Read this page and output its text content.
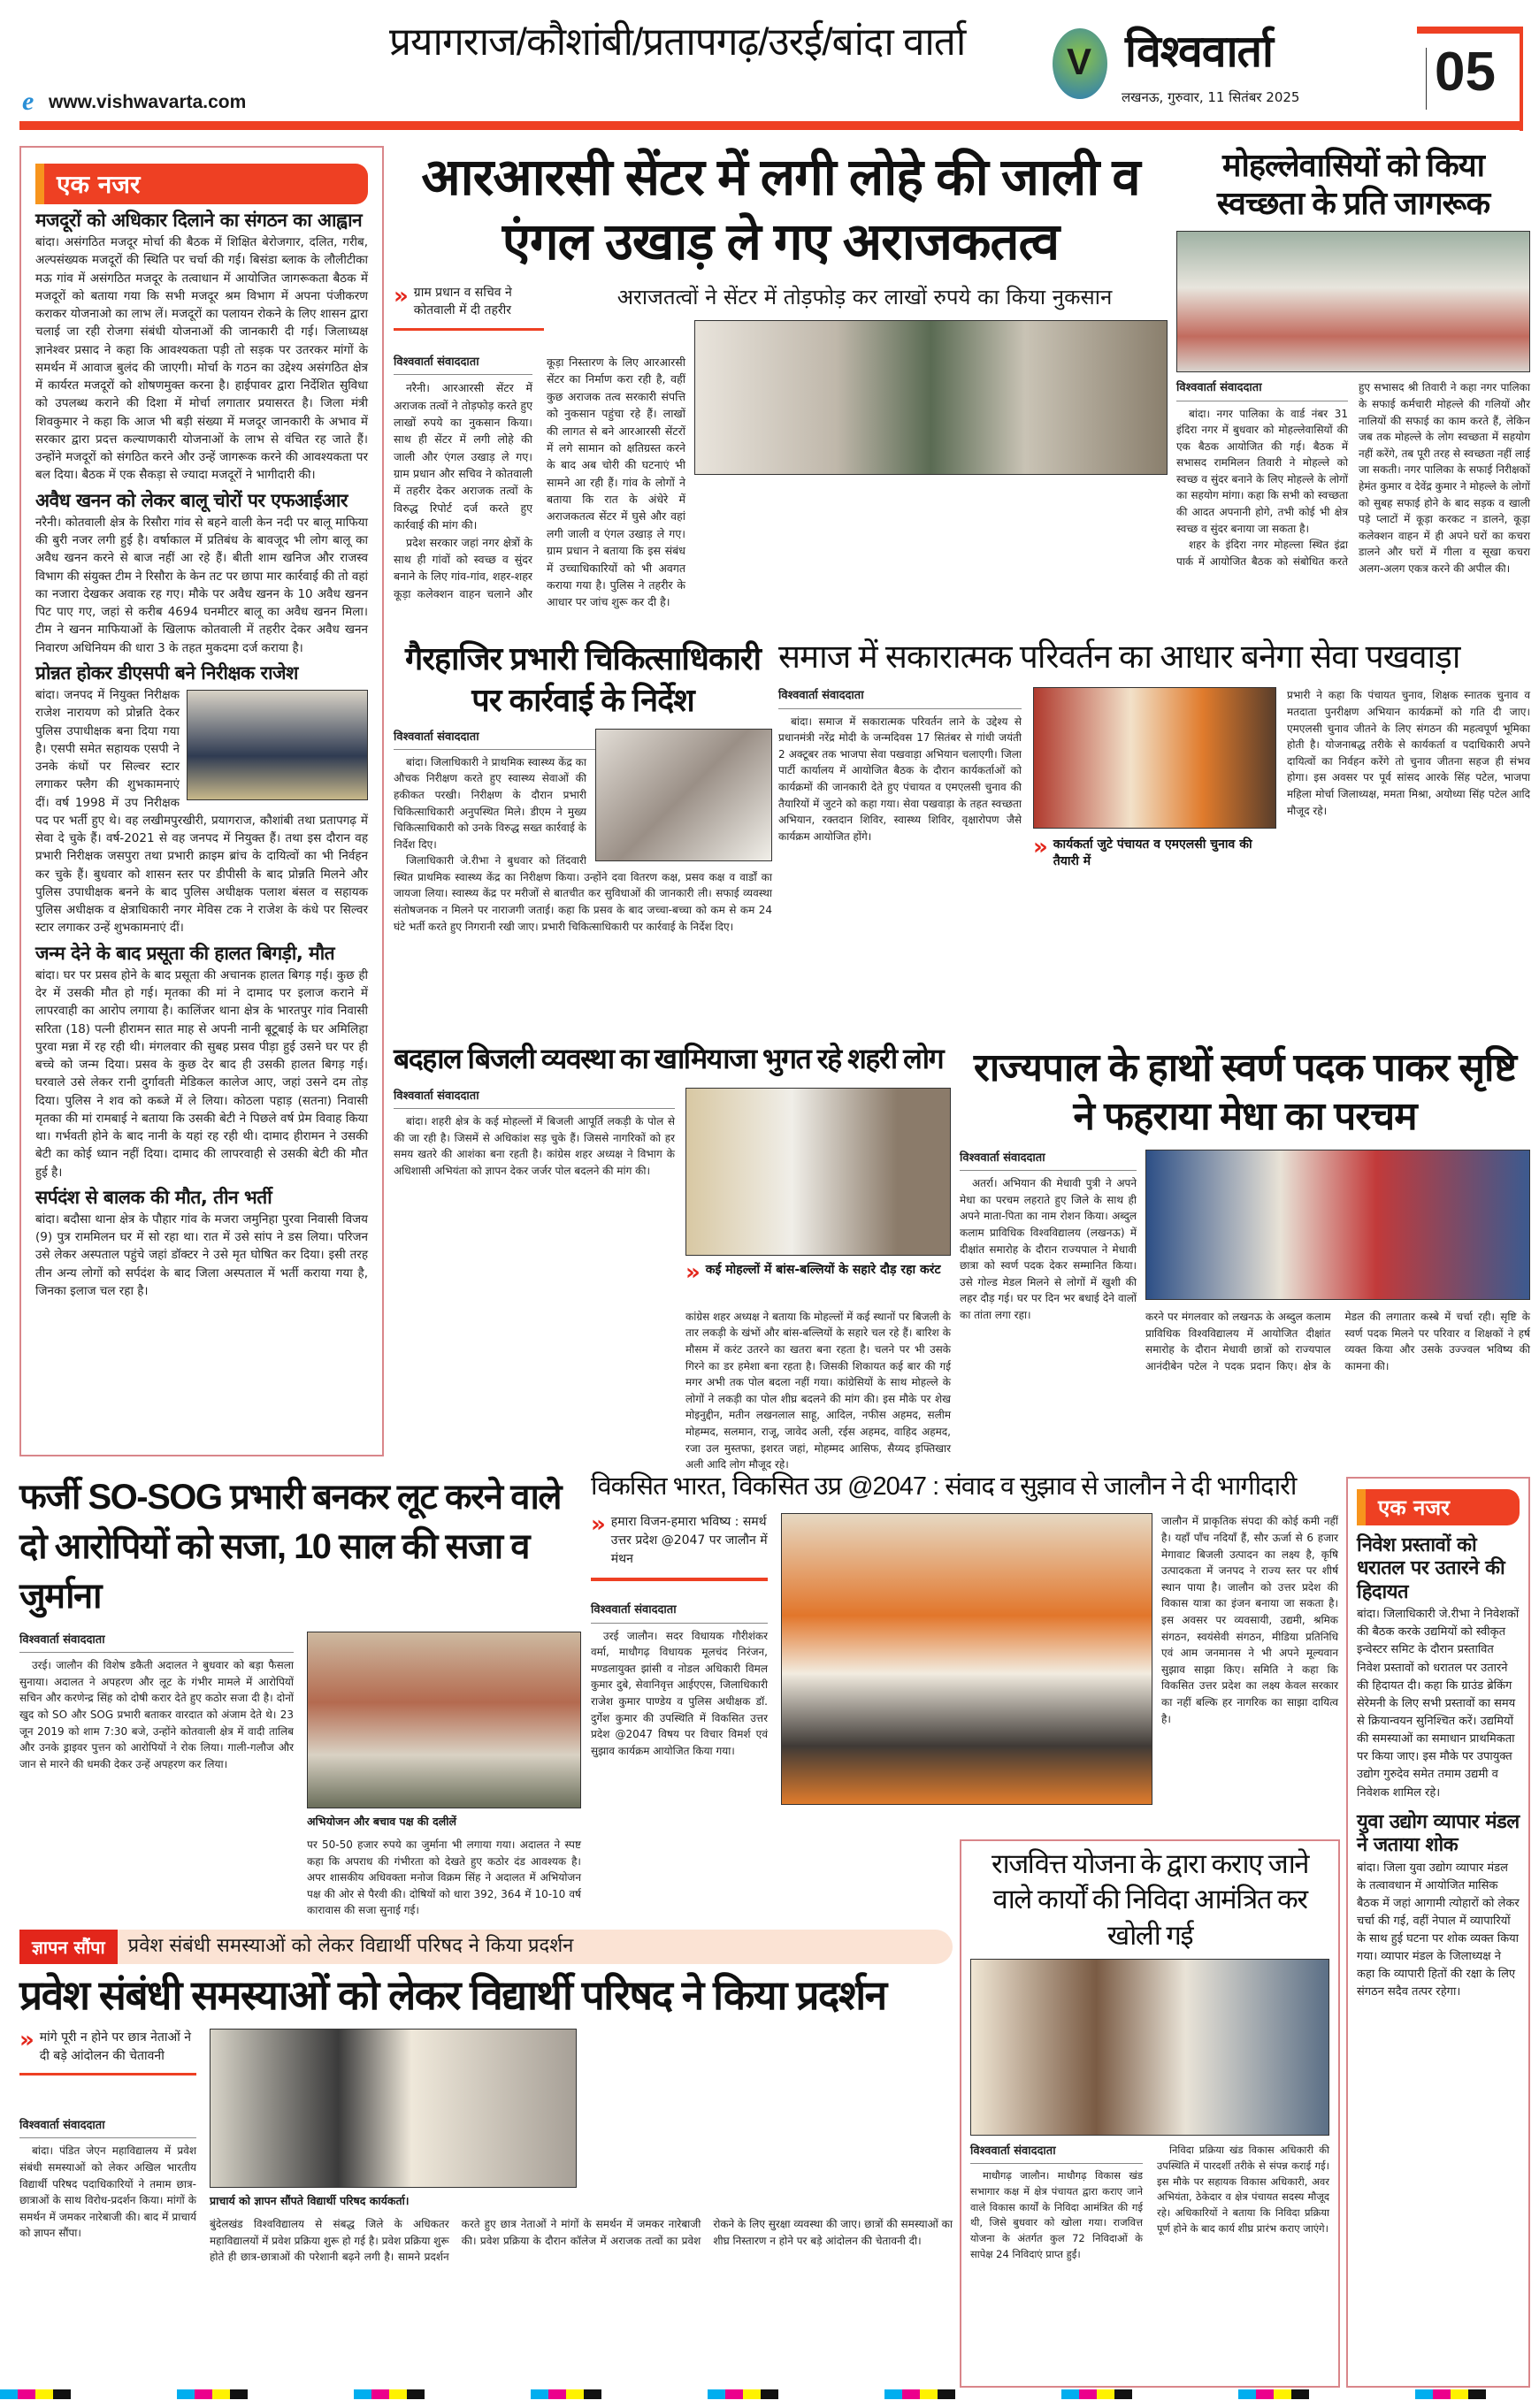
प्रयागराज/कौशांबी/प्रतापगढ़/उरई/बांदा वार्ता	V विश्ववार्ता
लखनऊ, गुरुवार, 11 सितंबर 2025 05
e www.vishwavarta.com
एक नजर
मजदूरों को अधिकार दिलाने का संगठन का आह्वान
बांदा। असंगठित मजदूर मोर्चा की बैठक में शिक्षित बेरोजगार, दलित, गरीब, अल्पसंख्यक मजदूरों की स्थिति पर चर्चा की गई। बिसंडा ब्लाक के लौलीटीका मऊ गांव में असंगठित मजदूर के तत्वाधान में आयोजित जागरूकता बैठक में मजदूरों को बताया गया कि सभी मजदूर श्रम विभाग में अपना पंजीकरण कराकर योजनाओ का लाभ लें। मजदूरों का पलायन रोकने के लिए शासन द्वारा चलाई जा रही रोजगा संबंधी योजनाओं की जानकारी दी गई। जिलाध्यक्ष ज्ञानेश्वर प्रसाद ने कहा कि आवश्यकता पड़ी तो सड़क पर उतरकर मांगों के समर्थन में आवाज बुलंद की जाएगी। मोर्चा के गठन का उद्देश्य असंगठित क्षेत्र में कार्यरत मजदूरों को शोषणमुक्त करना है। हाईपावर द्वारा निर्देशित सुविधा को उपलब्ध कराने की दिशा में मोर्चा लगातार प्रयासरत है। जिला मंत्री शिवकुमार ने कहा कि आज भी बड़ी संख्या में मजदूर जानकारी के अभाव में सरकार द्वारा प्रदत्त कल्याणकारी योजनाओं के लाभ से वंचित रह जाते हैं। उन्होंने मजदूरों को संगठित करने और उन्हें जागरूक करने की आवश्यकता पर बल दिया। बैठक में एक सैकड़ा से ज्यादा मजदूरों ने भागीदारी की।
अवैध खनन को लेकर बालू चोरों पर एफआईआर
नरैनी। कोतवाली क्षेत्र के रिसौरा गांव से बहने वाली केन नदी पर बालू माफिया की बुरी नजर लगी हुई है। वर्षाकाल में प्रतिबंध के बावजूद भी लोग बालू का अवैध खनन करने से बाज नहीं आ रहे हैं। बीती शाम खनिज और राजस्व विभाग की संयुक्त टीम ने रिसौरा के केन तट पर छापा मार कार्रवाई की तो वहां का नजारा देखकर अवाक रह गए। मौके पर अवैध खनन के 10 अवैध खनन पिट पाए गए, जहां से करीब 4694 घनमीटर बालू का अवैध खनन मिला। टीम ने खनन माफियाओं के खिलाफ कोतवाली में तहरीर देकर अवैध खनन निवारण अधिनियम की धारा 3 के तहत मुकदमा दर्ज कराया है।
प्रोन्नत होकर डीएसपी बने निरीक्षक राजेश
बांदा। जनपद में नियुक्त निरीक्षक राजेश नारायण को प्रोन्नति देकर पुलिस उपाधीक्षक बना दिया गया है। एसपी समेत सहायक एसपी ने उनके कंधों पर सिल्वर स्टार लगाकर फ्लैग की शुभकामनाएं दीं। वर्ष 1998 में उप निरीक्षक पद पर भर्ती हुए थे। वह लखीमपुरखीरी, प्रयागराज, कौशांबी तथा प्रतापगढ़ में सेवा दे चुके हैं। वर्ष-2021 से वह जनपद में नियुक्त हैं। तथा इस दौरान वह प्रभारी निरीक्षक जसपुरा तथा प्रभारी क्राइम ब्रांच के दायित्वों का भी निर्वहन कर चुके हैं। बुधवार को शासन स्तर पर डीपीसी के बाद प्रोन्नति मिलने और पुलिस उपाधीक्षक बनने के बाद पुलिस अधीक्षक पलाश बंसल व सहायक पुलिस अधीक्षक व क्षेत्राधिकारी नगर मेविस टक ने राजेश के कंधे पर सिल्वर स्टार लगाकर उन्हें शुभकामनाएं दीं।
जन्म देने के बाद प्रसूता की हालत बिगड़ी, मौत
बांदा। घर पर प्रसव होने के बाद प्रसूता की अचानक हालत बिगड़ गई। कुछ ही देर में उसकी मौत हो गई। मृतका की मां ने दामाद पर इलाज कराने में लापरवाही का आरोप लगाया है। कालिंजर थाना क्षेत्र के भारतपुर गांव निवासी सरिता (18) पत्नी हीरामन सात माह से अपनी नानी बूटूबाई के घर अमिलिहा पुरवा मन्ना में रह रही थी। मंगलवार की सुबह प्रसव पीड़ा हुई उसने घर पर ही बच्चे को जन्म दिया। प्रसव के कुछ देर बाद ही उसकी हालत बिगड़ गई। घरवाले उसे लेकर रानी दुर्गावती मेडिकल कालेज आए, जहां उसने दम तोड़ दिया। पुलिस ने शव को कब्जे में ले लिया। कोठला पहाड़ (सतना) निवासी मृतका की मां रामबाई ने बताया कि उसकी बेटी ने पिछले वर्ष प्रेम विवाह किया था। गर्भवती होने के बाद नानी के यहां रह रही थी। दामाद हीरामन ने उसकी बेटी का कोई ध्यान नहीं दिया। दामाद की लापरवाही से उसकी बेटी की मौत हुई है।
सर्पदंश से बालक की मौत, तीन भर्ती
बांदा। बदौसा थाना क्षेत्र के पौहार गांव के मजरा जमुनिहा पुरवा निवासी विजय (9) पुत्र राममिलन घर में सो रहा था। रात में उसे सांप ने डस लिया। परिजन उसे लेकर अस्पताल पहुंचे जहां डॉक्टर ने उसे मृत घोषित कर दिया। इसी तरह तीन अन्य लोगों को सर्पदंश के बाद जिला अस्पताल में भर्ती कराया गया है, जिनका इलाज चल रहा है।
आरआरसी सेंटर में लगी लोहे की जाली व एंगल उखाड़ ले गए अराजकतत्व
» ग्राम प्रधान व सचिव ने कोतवाली में दी तहरीर
अराजतत्वों ने सेंटर में तोड़फोड़ कर लाखों रुपये का किया नुकसान
विश्ववार्ता संवाददाता

नरैनी। आरआरसी सेंटर में अराजक तत्वों ने तोड़फोड़ करते हुए लाखों रुपये का नुकसान किया। साथ ही सेंटर में लगी लोहे की जाली और एंगल उखाड़ ले गए। ग्राम प्रधान और सचिव ने कोतवाली में तहरीर देकर अराजक तत्वों के विरुद्ध रिपोर्ट दर्ज करते हुए कार्रवाई की मांग की।

प्रदेश सरकार जहां नगर क्षेत्रों के साथ ही गांवों को स्वच्छ व सुंदर बनाने के लिए गांव-गांव, शहर-शहर कूड़ा कलेक्शन वाहन चलाने और कूड़ा निस्तारण के लिए आरआरसी सेंटर का निर्माण करा रही है, वहीं कुछ अराजक तत्व सरकारी संपत्ति को नुकसान पहुंचा रहे हैं। लाखों की लागत से बने आरआरसी सेंटरों में लगे सामान को क्षतिग्रस्त करने के बाद अब चोरी की घटनाएं भी सामने आ रही हैं। गांव के लोगों ने बताया कि रात के अंधेरे में अराजकतत्व सेंटर में घुसे और वहां लगी जाली व एंगल उखाड़ ले गए। ग्राम प्रधान ने बताया कि इस संबंध में उच्चाधिकारियों को भी अवगत कराया गया है। पुलिस ने तहरीर के आधार पर जांच शुरू कर दी है।

मोहल्लेवासियों को किया स्वच्छता के प्रति जागरूक
विश्ववार्ता संवाददाता

बांदा। नगर पालिका के वार्ड नंबर 31 इंदिरा नगर में बुधवार को मोहल्लेवासियों की एक बैठक आयोजित की गई। बैठक में सभासद राममिलन तिवारी ने मोहल्ले को स्वच्छ व सुंदर बनाने के लिए मोहल्ले के लोगों का सहयोग मांगा। कहा कि सभी को स्वच्छता की आदत अपनानी होगे, तभी कोई भी क्षेत्र स्वच्छ व सुंदर बनाया जा सकता है।

शहर के इंदिरा नगर मोहल्ला स्थित इंद्रा पार्क में आयोजित बैठक को संबोधित करते हुए सभासद श्री तिवारी ने कहा नगर पालिका के सफाई कर्मचारी मोहल्ले की गलियों और नालियों की सफाई का काम करते हैं, लेकिन जब तक मोहल्ले के लोग स्वच्छता में सहयोग नहीं करेंगे, तब पूरी तरह से स्वच्छता नहीं लाई जा सकती। नगर पालिका के सफाई निरीक्षकों हेमंत कुमार व देवेंद्र कुमार ने मोहल्ले के लोगों को सुबह सफाई होने के बाद सड़क व खाली पड़े प्लाटों में कूड़ा करकट न डालने, कूड़ा कलेक्शन वाहन में ही अपने घरों का कचरा डालने और घरों में गीला व सूखा कचरा अलग-अलग एकत्र करने की अपील की।

गैरहाजिर प्रभारी चिकित्साधिकारी पर कार्रवाई के निर्देश
विश्ववार्ता संवाददाता

बांदा। जिलाधिकारी ने प्राथमिक स्वास्थ्य केंद्र का औचक निरीक्षण करते हुए स्वास्थ्य सेवाओं की हकीकत परखी। निरीक्षण के दौरान प्रभारी चिकित्साधिकारी अनुपस्थित मिले। डीएम ने मुख्य चिकित्साधिकारी को उनके विरुद्ध सख्त कार्रवाई के निर्देश दिए।

जिलाधिकारी जे.रीभा ने बुधवार को तिंदवारी स्थित प्राथमिक स्वास्थ्य केंद्र का निरीक्षण किया। उन्होंने दवा वितरण कक्ष, प्रसव कक्ष व वार्डों का जायजा लिया। स्वास्थ्य केंद्र पर मरीजों से बातचीत कर सुविधाओं की जानकारी ली। सफाई व्यवस्था संतोषजनक न मिलने पर नाराजगी जताई। कहा कि प्रसव के बाद जच्चा-बच्चा को कम से कम 24 घंटे भर्ती करते हुए निगरानी रखी जाए। प्रभारी चिकित्साधिकारी पर कार्रवाई के निर्देश दिए।

समाज में सकारात्मक परिवर्तन का आधार बनेगा सेवा पखवाड़ा
विश्ववार्ता संवाददाता

बांदा। समाज में सकारात्मक परिवर्तन लाने के उद्देश्य से प्रधानमंत्री नरेंद्र मोदी के जन्मदिवस 17 सितंबर से गांधी जयंती 2 अक्टूबर तक भाजपा सेवा पखवाड़ा अभियान चलाएगी। जिला पार्टी कार्यालय में आयोजित बैठक के दौरान कार्यकर्ताओं को कार्यक्रमों की जानकारी देते हुए पंचायत व एमएलसी चुनाव की तैयारियों में जुटने को कहा गया। सेवा पखवाड़ा के तहत स्वच्छता अभियान, रक्तदान शिविर, स्वास्थ्य शिविर, वृक्षारोपण जैसे कार्यक्रम आयोजित होंगे।	» कार्यकर्ता जुटे पंचायत व एमएलसी चुनाव की तैयारी में

प्रभारी ने कहा कि पंचायत चुनाव, शिक्षक स्नातक चुनाव व मतदाता पुनरीक्षण अभियान कार्यक्रमों को गति दी जाए। एमएलसी चुनाव जीतने के लिए संगठन की महत्वपूर्ण भूमिका होती है। योजनाबद्ध तरीके से कार्यकर्ता व पदाधिकारी अपने दायित्वों का निर्वहन करेंगे तो चुनाव जीतना सहज ही संभव होगा। इस अवसर पर पूर्व सांसद आरके सिंह पटेल, भाजपा महिला मोर्चा जिलाध्यक्ष, ममता मिश्रा, अयोध्या सिंह पटेल आदि मौजूद रहे।

बदहाल बिजली व्यवस्था का खामियाजा भुगत रहे शहरी लोग
विश्ववार्ता संवाददाता

बांदा। शहरी क्षेत्र के कई मोहल्लों में बिजली आपूर्ति लकड़ी के पोल से की जा रही है। जिसमें से अधिकांश सड़ चुके हैं। जिससे नागरिकों को हर समय खतरे की आशंका बना रहती है। कांग्रेस शहर अध्यक्ष ने विभाग के अधिशासी अभियंता को ज्ञापन देकर जर्जर पोल बदलने की मांग की।

» कई मोहल्लों में बांस-बल्लियों के सहारे दौड़ रहा करंट

कांग्रेस शहर अध्यक्ष ने बताया कि मोहल्लों में कई स्थानों पर बिजली के तार लकड़ी के खंभों और बांस-बल्लियों के सहारे चल रहे हैं। बारिश के मौसम में करंट उतरने का खतरा बना रहता है। चलने पर भी उसके गिरने का डर हमेशा बना रहता है। जिसकी शिकायत कई बार की गई मगर अभी तक पोल बदला नहीं गया। कांग्रेसियों के साथ मोहल्ले के लोगों ने लकड़ी का पोल शीघ्र बदलने की मांग की। इस मौके पर शेख मोइनुद्दीन, मतीन लखनलाल साहू, आदिल, नफीस अहमद, सलीम मोहम्मद, सलमान, राजू, जावेद अली, रईस अहमद, वाहिद अहमद, रजा उल मुस्तफा, इशरत जहां, मोहम्मद आसिफ, सैय्यद इफ्तिखार अली आदि लोग मौजूद रहे।

राज्यपाल के हाथों स्वर्ण पदक पाकर सृष्टि ने फहराया मेधा का परचम
विश्ववार्ता संवाददाता

अतर्रा। अभियान की मेधावी पुत्री ने अपने मेधा का परचम लहराते हुए जिले के साथ ही अपने माता-पिता का नाम रोशन किया। अब्दुल कलाम प्राविधिक विश्वविद्यालय (लखनऊ) में दीक्षांत समारोह के दौरान राज्यपाल ने मेधावी छात्रा को स्वर्ण पदक देकर सम्मानित किया। उसे गोल्ड मेडल मिलने से लोगों में खुशी की लहर दौड़ गई। घर पर दिन भर बधाई देने वालों का तांता लगा रहा।	करने पर मंगलवार को लखनऊ के अब्दुल कलाम प्राविधिक विश्वविद्यालय में आयोजित दीक्षांत समारोह के दौरान मेधावी छात्रों को राज्यपाल आनंदीबेन पटेल ने पदक प्रदान किए। क्षेत्र के मेडल की लगातार कस्बे में चर्चा रही। सृष्टि के स्वर्ण पदक मिलने पर परिवार व शिक्षकों ने हर्ष व्यक्त किया और उसके उज्ज्वल भविष्य की कामना की।

फर्जी SO-SOG प्रभारी बनकर लूट करने वाले दो आरोपियों को सजा, 10 साल की सजा व जुर्माना
विश्ववार्ता संवाददाता

उरई। जालौन की विशेष डकैती अदालत ने बुधवार को बड़ा फैसला सुनाया। अदालत ने अपहरण और लूट के गंभीर मामले में आरोपियों सचिन और करणेन्द्र सिंह को दोषी करार देते हुए कठोर सजा दी है। दोनों खुद को SO और SOG प्रभारी बताकर वारदात को अंजाम देते थे। 23 जून 2019 को शाम 7:30 बजे, उन्होंने कोतवाली क्षेत्र में वादी तालिब और उनके ड्राइवर पुत्तन को आरोपियों ने रोक लिया। गाली-गलौज और जान से मारने की धमकी देकर उन्हें अपहरण कर लिया।

अभियोजन और बचाव पक्ष की दलीलें

पर 50-50 हजार रुपये का जुर्माना भी लगाया गया। अदालत ने स्पष्ट कहा कि अपराध की गंभीरता को देखते हुए कठोर दंड आवश्यक है। अपर शासकीय अधिवक्ता मनोज विक्रम सिंह ने अदालत में अभियोजन पक्ष की ओर से पैरवी की। दोषियों को धारा 392, 364 में 10-10 वर्ष कारावास की सजा सुनाई गई।

विकसित भारत, विकसित उप्र @2047 : संवाद व सुझाव से जालौन ने दी भागीदारी
» हमारा विजन-हमारा भविष्य : समर्थ उत्तर प्रदेश @2047 पर जालौन में मंथन
विश्ववार्ता संवाददाता

उरई जालौन। सदर विधायक गौरीशंकर वर्मा, माधौगढ़ विधायक मूलचंद निरंजन, मण्डलायुक्त झांसी व नोडल अधिकारी विमल कुमार दुबे, सेवानिवृत्त आईएएस, जिलाधिकारी राजेश कुमार पाण्डेय व पुलिस अधीक्षक डॉ. दुर्गेश कुमार की उपस्थिति में विकसित उत्तर प्रदेश @2047 विषय पर विचार विमर्श एवं सुझाव कार्यक्रम आयोजित किया गया।

जालौन में प्राकृतिक संपदा की कोई कमी नहीं है। यहाँ पाँच नदियाँ हैं, सौर ऊर्जा से 6 हजार मेगावाट बिजली उत्पादन का लक्ष्य है, कृषि उत्पादकता में जनपद ने राज्य स्तर पर शीर्ष स्थान पाया है। जालौन को उत्तर प्रदेश की विकास यात्रा का इंजन बनाया जा सकता है। इस अवसर पर व्यवसायी, उद्यमी, श्रमिक संगठन, स्वयंसेवी संगठन, मीडिया प्रतिनिधि एवं आम जनमानस ने भी अपने मूल्यवान सुझाव साझा किए। समिति ने कहा कि विकसित उत्तर प्रदेश का लक्ष्य केवल सरकार का नहीं बल्कि हर नागरिक का साझा दायित्व है।

एक नजर
निवेश प्रस्तावों को धरातल पर उतारने की हिदायत
बांदा। जिलाधिकारी जे.रीभा ने निवेशकों की बैठक करके उद्यमियों को स्वीकृत इन्वेस्टर समिट के दौरान प्रस्तावित निवेश प्रस्तावों को धरातल पर उतारने की हिदायत दी। कहा कि ग्राउंड ब्रेकिंग सेरेमनी के लिए सभी प्रस्तावों का समय से क्रियान्वयन सुनिश्चित करें। उद्यमियों की समस्याओं का समाधान प्राथमिकता पर किया जाए। इस मौके पर उपायुक्त उद्योग गुरुदेव समेत तमाम उद्यमी व निवेशक शामिल रहे।
युवा उद्योग व्यापार मंडल ने जताया शोक
बांदा। जिला युवा उद्योग व्यापार मंडल के तत्वावधान में आयोजित मासिक बैठक में जहां आगामी त्योहारों को लेकर चर्चा की गई, वहीं नेपाल में व्यापारियों के साथ हुई घटना पर शोक व्यक्त किया गया। व्यापार मंडल के जिलाध्यक्ष ने कहा कि व्यापारी हितों की रक्षा के लिए संगठन सदैव तत्पर रहेगा।
राजवित्त योजना के द्वारा कराए जाने वाले कार्यों की निविदा आमंत्रित कर खोली गई
विश्ववार्ता संवाददाता

माधौगढ़ जालौन। माधौगढ़ विकास खंड सभागार कक्ष में क्षेत्र पंचायत द्वारा कराए जाने वाले विकास कार्यों के निविदा आमंत्रित की गई थी, जिसे बुधवार को खोला गया। राजवित्त योजना के अंतर्गत कुल 72 निविदाओं के सापेक्ष 24 निविदाएं प्राप्त हुईं।

निविदा प्रक्रिया खंड विकास अधिकारी की उपस्थिति में पारदर्शी तरीके से संपन्न कराई गई। इस मौके पर सहायक विकास अधिकारी, अवर अभियंता, ठेकेदार व क्षेत्र पंचायत सदस्य मौजूद रहे। अधिकारियों ने बताया कि निविदा प्रक्रिया पूर्ण होने के बाद कार्य शीघ्र प्रारंभ कराए जाएंगे।

ज्ञापन सौंपा	प्रवेश संबंधी समस्याओं को लेकर विद्यार्थी परिषद ने किया प्रदर्शन
प्रवेश संबंधी समस्याओं को लेकर विद्यार्थी परिषद ने किया प्रदर्शन
» मांगे पूरी न होने पर छात्र नेताओं ने दी बड़े आंदोलन की चेतावनी
प्राचार्य को ज्ञापन सौंपते विद्यार्थी परिषद कार्यकर्ता।
विश्ववार्ता संवाददाता

बांदा। पंडित जेएन महाविद्यालय में प्रवेश संबंधी समस्याओं को लेकर अखिल भारतीय विद्यार्थी परिषद पदाधिकारियों ने तमाम छात्र-छात्राओं के साथ विरोध-प्रदर्शन किया। मांगों के समर्थन में जमकर नारेबाजी की। बाद में प्राचार्य को ज्ञापन सौंपा।

बुंदेलखंड विश्वविद्यालय से संबद्ध जिले के अधिकतर महाविद्यालयों में प्रवेश प्रक्रिया शुरू हो गई है। प्रवेश प्रक्रिया शुरू होते ही छात्र-छात्राओं की परेशानी बढ़ने लगी है। सामने प्रदर्शन करते हुए छात्र नेताओं ने मांगों के समर्थन में जमकर नारेबाजी की। प्रवेश प्रक्रिया के दौरान कॉलेज में अराजक तत्वों का प्रवेश रोकने के लिए सुरक्षा व्यवस्था की जाए। छात्रों की समस्याओं का शीघ्र निस्तारण न होने पर बड़े आंदोलन की चेतावनी दी।
